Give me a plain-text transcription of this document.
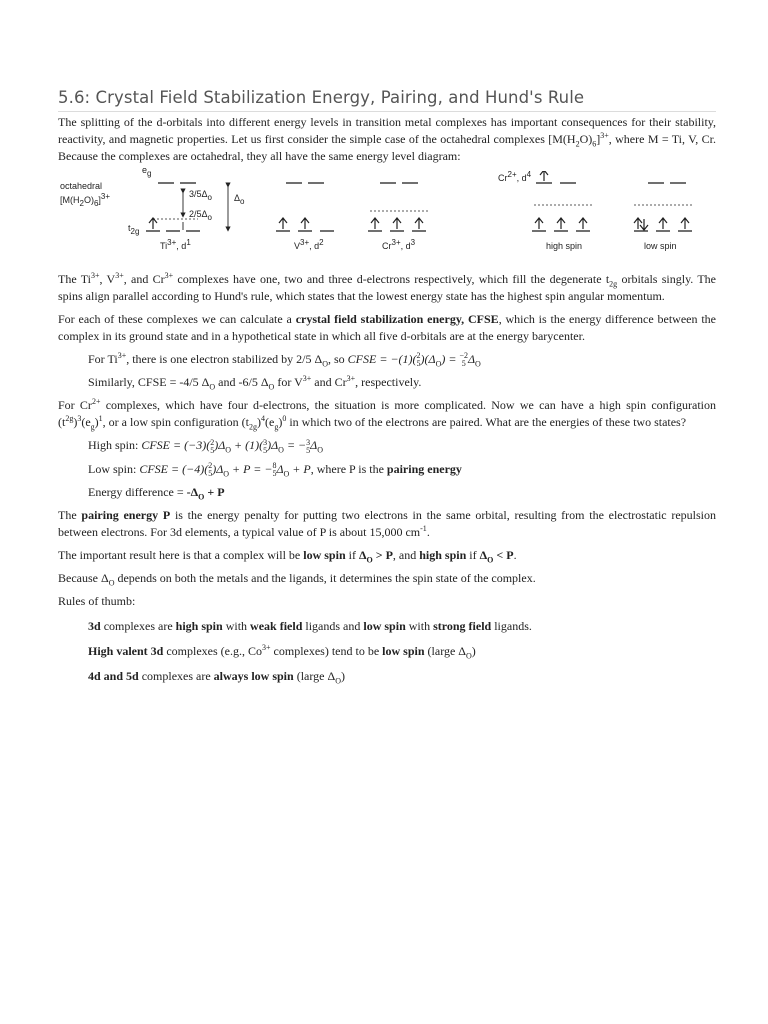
5.6: Crystal Field Stabilization Energy, Pairing, and Hund's Rule

The splitting of the d-orbitals into different energy levels in transition metal complexes has important consequences for their stability, reactivity, and magnetic properties. Let us first consider the simple case of the octahedral complexes $[M(H_2O)_6]^{3+}$, where M = Ti, V, Cr. Because the complexes are octahedral, they all have the same energy level diagram:

octahedral
$[M(H_2O)_6]^{3+}$
$e_g$
$t_{2g}$
$3/5\Delta_o$
$2/5\Delta_o$
$\Delta_o$
$Ti^{3+}$, $d^1$	$V^{3+}$, $d^2$	$Cr^{3+}$, $d^3$
$Cr^{2+}$, $d^4$
high spin	low spin

The $Ti^{3+}$, $V^{3+}$, and $Cr^{3+}$ complexes have one, two and three d-electrons respectively, which fill the degenerate $t_{2g}$ orbitals singly. The spins align parallel according to Hund's rule, which states that the lowest energy state has the highest spin angular momentum.

For each of these complexes we can calculate a crystal field stabilization energy, CFSE, which is the energy difference between the complex in its ground state and in a hypothetical state in which all five d-orbitals are at the energy barycenter.

For $Ti^{3+}$, there is one electron stabilized by 2/5 $\Delta_O$, so CFSE = −(1)( 2
5 )$(\Delta_O) = -2$
5 $\Delta_O$

Similarly, CFSE = -4/5 $\Delta_O$ and -6/5 $\Delta_O$ for $V^{3+}$ and $Cr^{3+}$, respectively.

For $Cr^{2+}$ complexes, which have four d-electrons, the situation is more complicated. Now we can have a high spin configuration $(t^{2g})^3(e_g)^1$, or a low spin configuration $(t_{2g})^4(e_g)^0$ in which two of the electrons are paired. What are the energies of these two states?

High spin: CFSE = (−3)( 2
5 )$\Delta_O + (1)$( 3
5 )$\Delta_O$ = − 3
5 $\Delta_O$

Low spin: CFSE = (−4)( 2
5 )$\Delta_O + P$ = − 8
5 $\Delta_O + P$, where P is the pairing energy

Energy difference = $-\Delta_O + P$

The pairing energy P is the energy penalty for putting two electrons in the same orbital, resulting from the electrostatic repulsion between electrons. For 3d elements, a typical value of P is about 15,000 $cm^{-1}$.

The important result here is that a complex will be low spin if $\Delta_O > P$, and high spin if $\Delta_O < P$.

Because $\Delta_O$ depends on both the metals and the ligands, it determines the spin state of the complex.

Rules of thumb:

3d complexes are high spin with weak field ligands and low spin with strong field ligands.

High valent 3d complexes (e.g., $Co^{3+}$ complexes) tend to be low spin (large $\Delta_O$)

4d and 5d complexes are always low spin (large $\Delta_O$)
